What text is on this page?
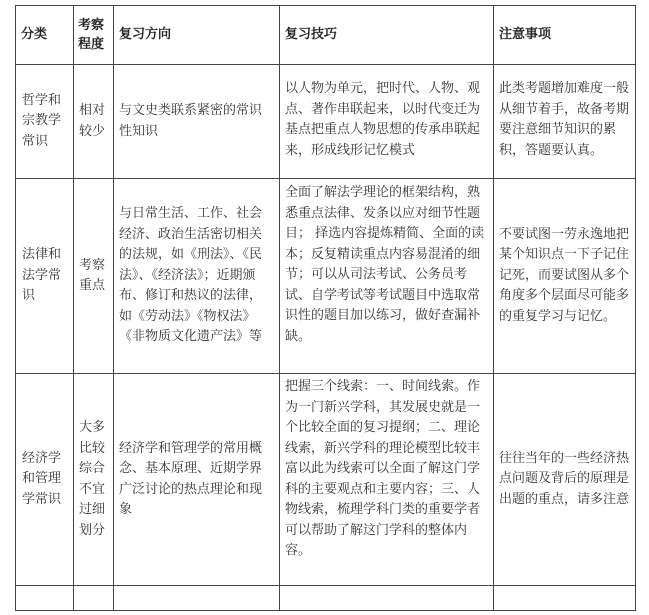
分类	考察程度	复习方向	复习技巧	注意事项
哲学和宗教学常识	相对较少	与文史类联系紧密的常识性知识	以人物为单元，把时代、人物、观点、著作串联起来，以时代变迁为基点把重点人物思想的传承串联起来，形成线形记忆模式	此类考题增加难度一般从细节着手，故备考期要注意细节知识的累积，答题要认真。
法律和法学常识	考察重点	与日常生活、工作、社会经济、政治生活密切相关的法规，如《刑法》、《民法》、《经济法》；近期颁布、修订和热议的法律，如《劳动法》《物权法》《非物质文化遗产法》等	全面了解法学理论的框架结构，熟悉重点法律、发条以应对细节性题目； 择选内容提炼精简、全面的读本；反复精读重点内容易混淆的细节；可以从司法考试、公务员考试、自学考试等考试题目中选取常识性的题目加以练习，做好查漏补缺。	不要试图一劳永逸地把某个知识点一下子记住记死，而要试图从多个角度多个层面尽可能多的重复学习与记忆。
经济学和管理学常识	大多比较综合不宜过细划分	经济学和管理学的常用概念、基本原理、近期学界广泛讨论的热点理论和现象	把握三个线索：一、时间线索。作为一门新兴学科，其发展史就是一个比较全面的复习提纲；二、理论线索，新兴学科的理论模型比较丰富以此为线索可以全面了解这门学科的主要观点和主要内容；三、人物线索，梳理学科门类的重要学者可以帮助了解这门学科的整体内容。	往往当年的一些经济热点问题及背后的原理是出题的重点，请多注意
